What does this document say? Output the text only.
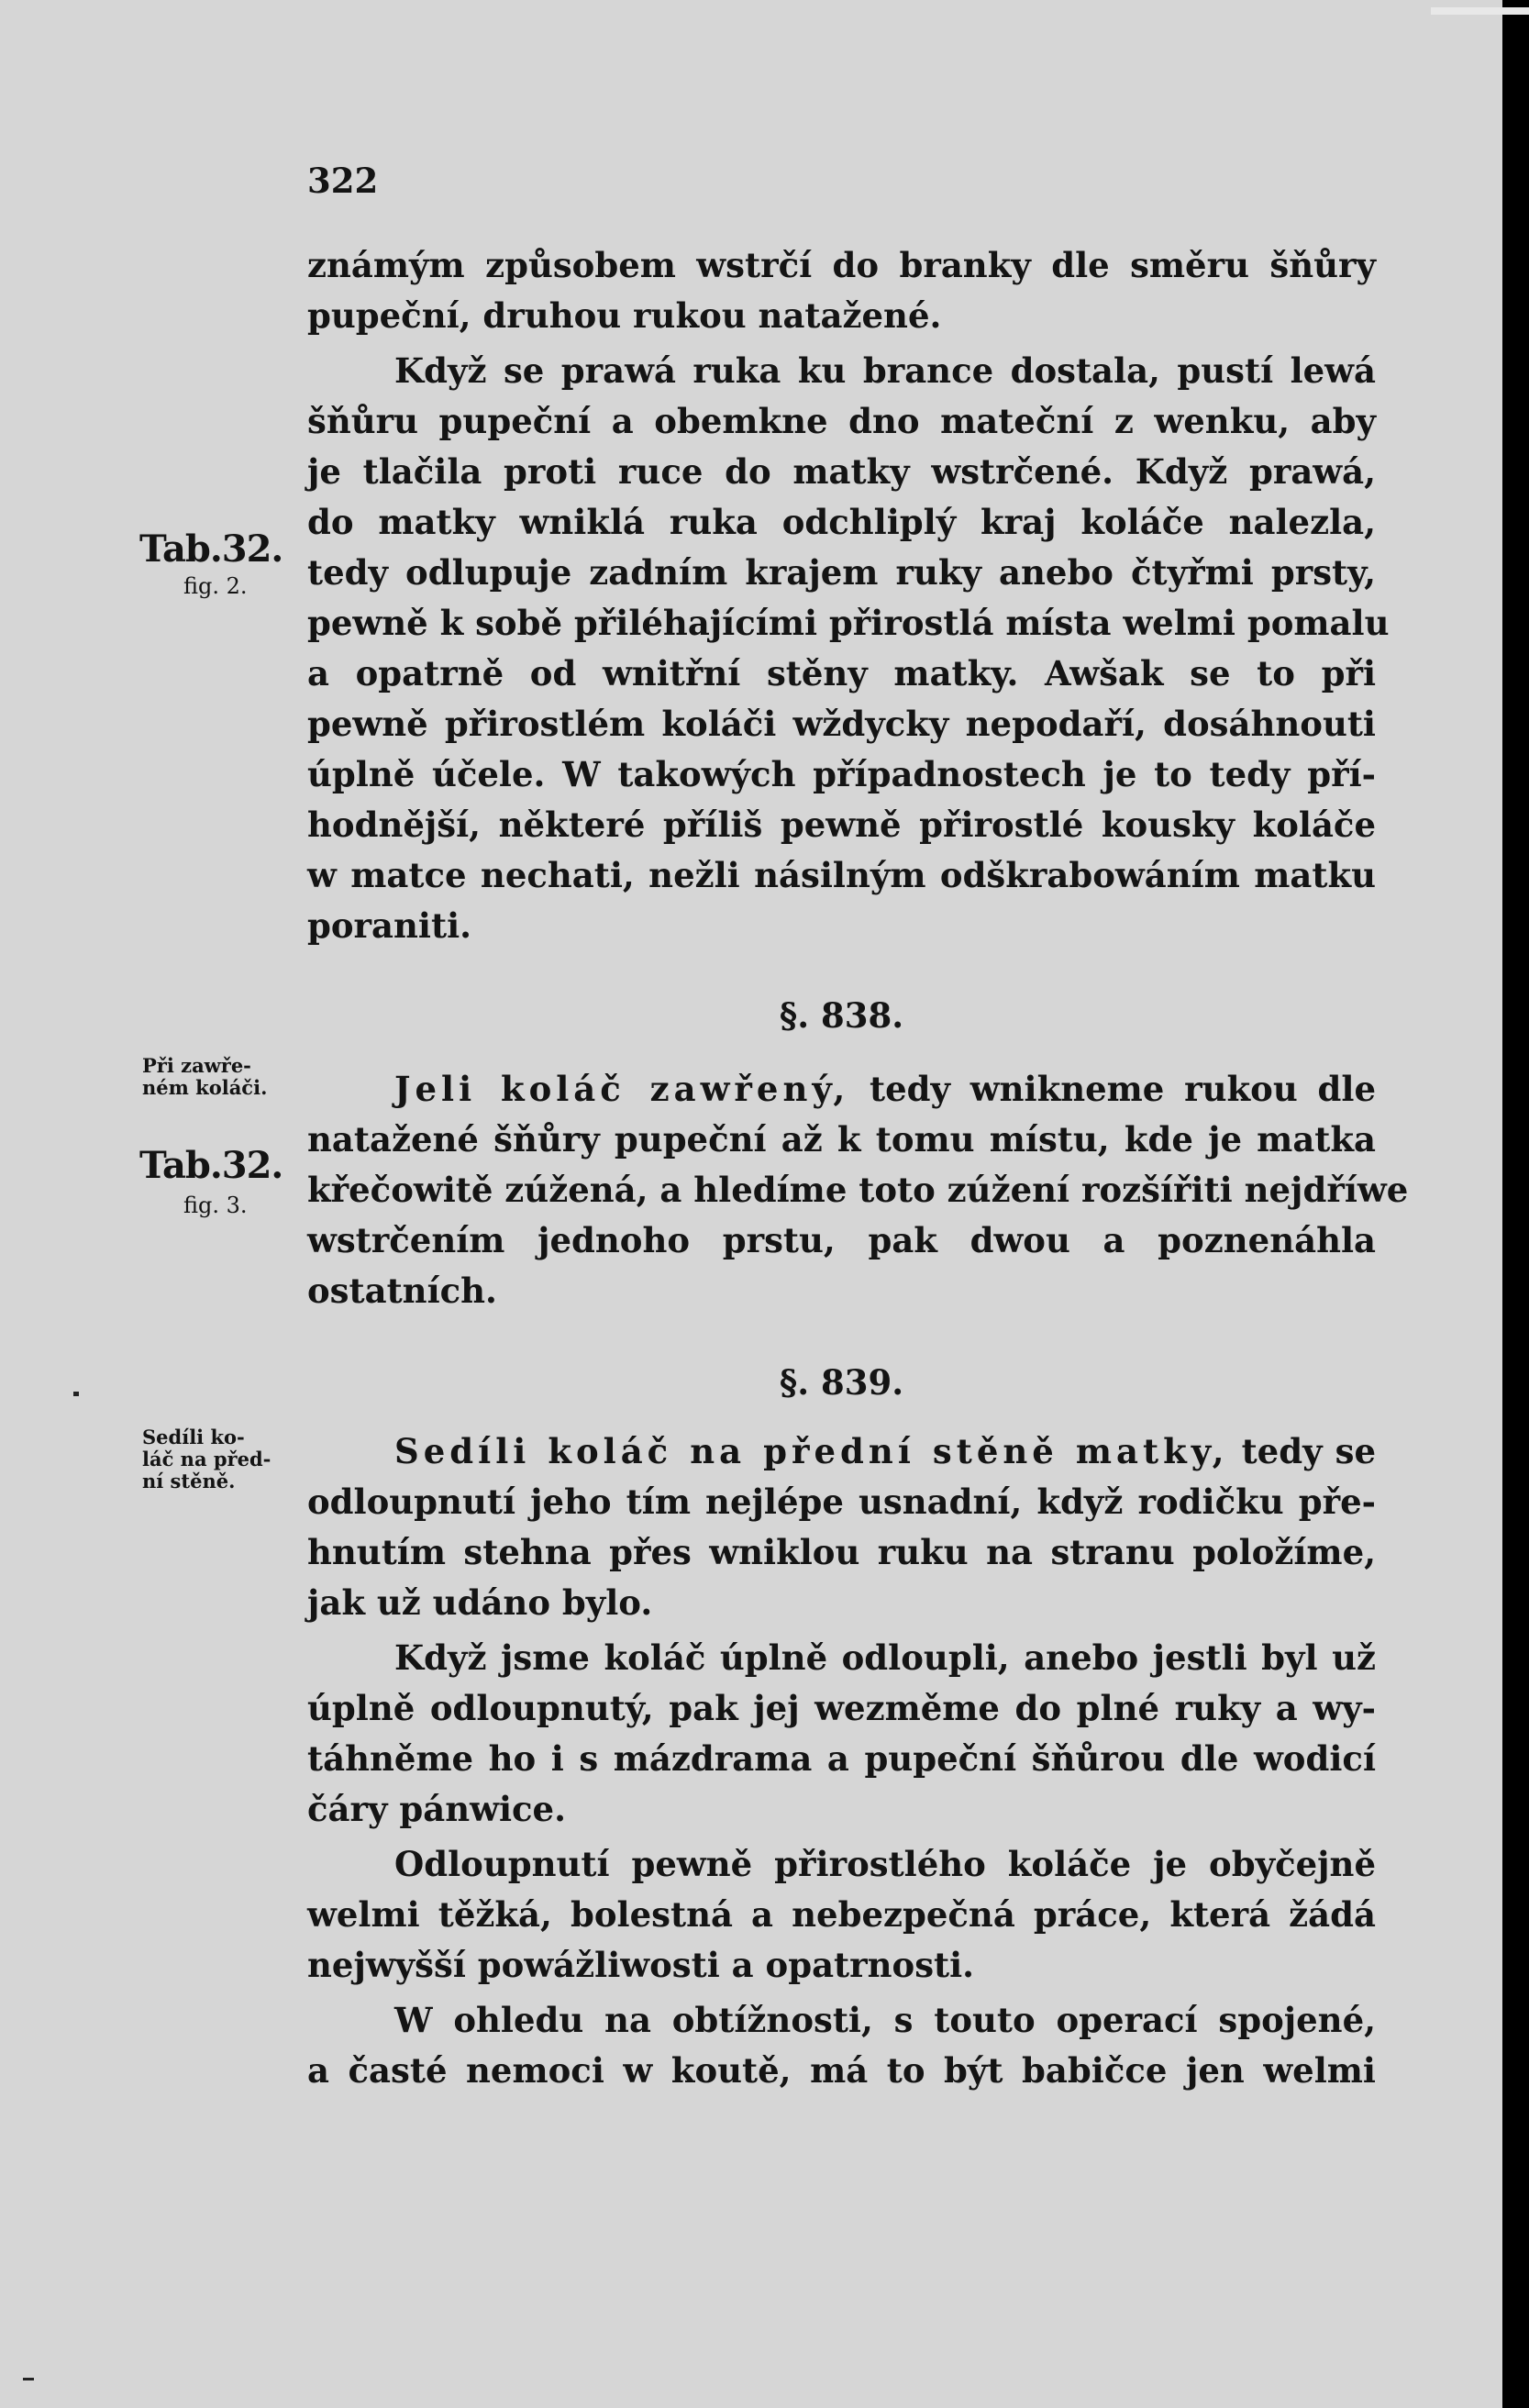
322
Tab.32.
fig. 2.
Při zawře-
ném koláči.
Tab.32.
fig. 3.
Sedíli ko-
láč na před-
ní stěně.
známým způsobem wstrčí do branky dle směru šňůry
pupeční, druhou rukou natažené.
Když se prawá ruka ku brance dostala, pustí lewá
šňůru pupeční a obemkne dno mateční z wenku, aby
je tlačila proti ruce do matky wstrčené. Když prawá,
do matky wniklá ruka odchliplý kraj koláče nalezla,
tedy odlupuje zadním krajem ruky anebo čtyřmi prsty,
pewně k sobě přiléhajícími přirostlá místa welmi pomalu
a opatrně od wnitřní stěny matky. Awšak se to při
pewně přirostlém koláči wždycky nepodaří, dosáhnouti
úplně účele. W takowých případnostech je to tedy pří-
hodnější, některé příliš pewně přirostlé kousky koláče
w matce nechati, nežli násilným odškrabowáním matku
poraniti.
§. 838.
Jeli koláč zawřený, tedy wnikneme rukou dle
natažené šňůry pupeční až k tomu místu, kde je matka
křečowitě zúžená, a hledíme toto zúžení rozšířiti nejdříwe
wstrčením jednoho prstu, pak dwou a poznenáhla
ostatních.
§. 839.
Sedíli koláč na přední stěně matky, tedy se
odloupnutí jeho tím nejlépe usnadní, když rodičku pře-
hnutím stehna přes wniklou ruku na stranu položíme,
jak už udáno bylo.
Když jsme koláč úplně odloupli, anebo jestli byl už
úplně odloupnutý, pak jej wezměme do plné ruky a wy-
táhněme ho i s mázdrama a pupeční šňůrou dle wodicí
čáry pánwice.
Odloupnutí pewně přirostlého koláče je obyčejně
welmi těžká, bolestná a nebezpečná práce, která žádá
nejwyšší powážliwosti a opatrnosti.
W ohledu na obtížnosti, s touto operací spojené,
a časté nemoci w koutě, má to být babičce jen welmi
